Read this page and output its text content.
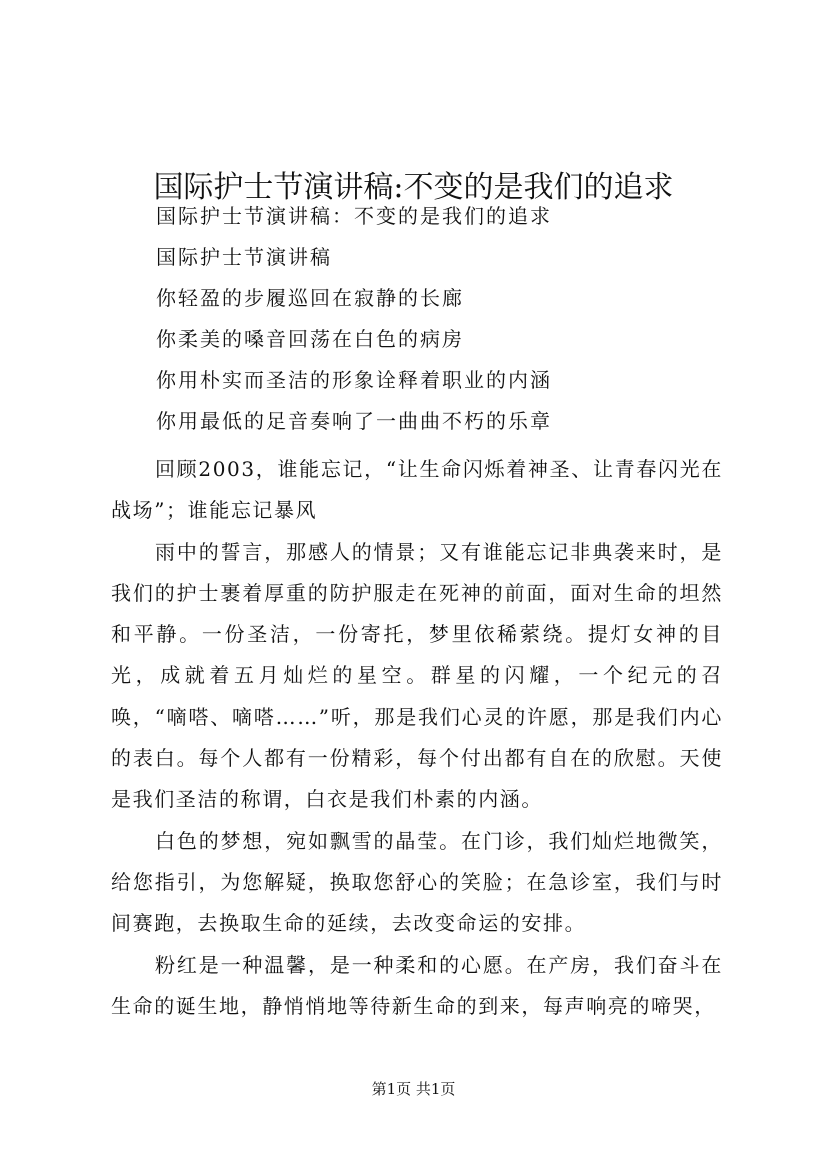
国际护士节演讲稿:不变的是我们的追求
国际护士节演讲稿：不变的是我们的追求
国际护士节演讲稿
你轻盈的步履巡回在寂静的长廊
你柔美的嗓音回荡在白色的病房
你用朴实而圣洁的形象诠释着职业的内涵
你用最低的足音奏响了一曲曲不朽的乐章

回顾2003，谁能忘记，“让生命闪烁着神圣、让青春闪光在战场”；谁能忘记暴风

雨中的誓言，那感人的情景；又有谁能忘记非典袭来时，是我们的护士裹着厚重的防护服走在死神的前面，面对生命的坦然和平静。一份圣洁，一份寄托，梦里依稀萦绕。提灯女神的目光，成就着五月灿烂的星空。群星的闪耀，一个纪元的召唤，“嘀嗒、嘀嗒……”听，那是我们心灵的许愿，那是我们内心的表白。每个人都有一份精彩，每个付出都有自在的欣慰。天使是我们圣洁的称谓，白衣是我们朴素的内涵。

白色的梦想，宛如飘雪的晶莹。在门诊，我们灿烂地微笑，给您指引，为您解疑，换取您舒心的笑脸；在急诊室，我们与时间赛跑，去换取生命的延续，去改变命运的安排。

粉红是一种温馨，是一种柔和的心愿。在产房，我们奋斗在生命的诞生地，静悄悄地等待新生命的到来，每声响亮的啼哭，

第1页 共1页
